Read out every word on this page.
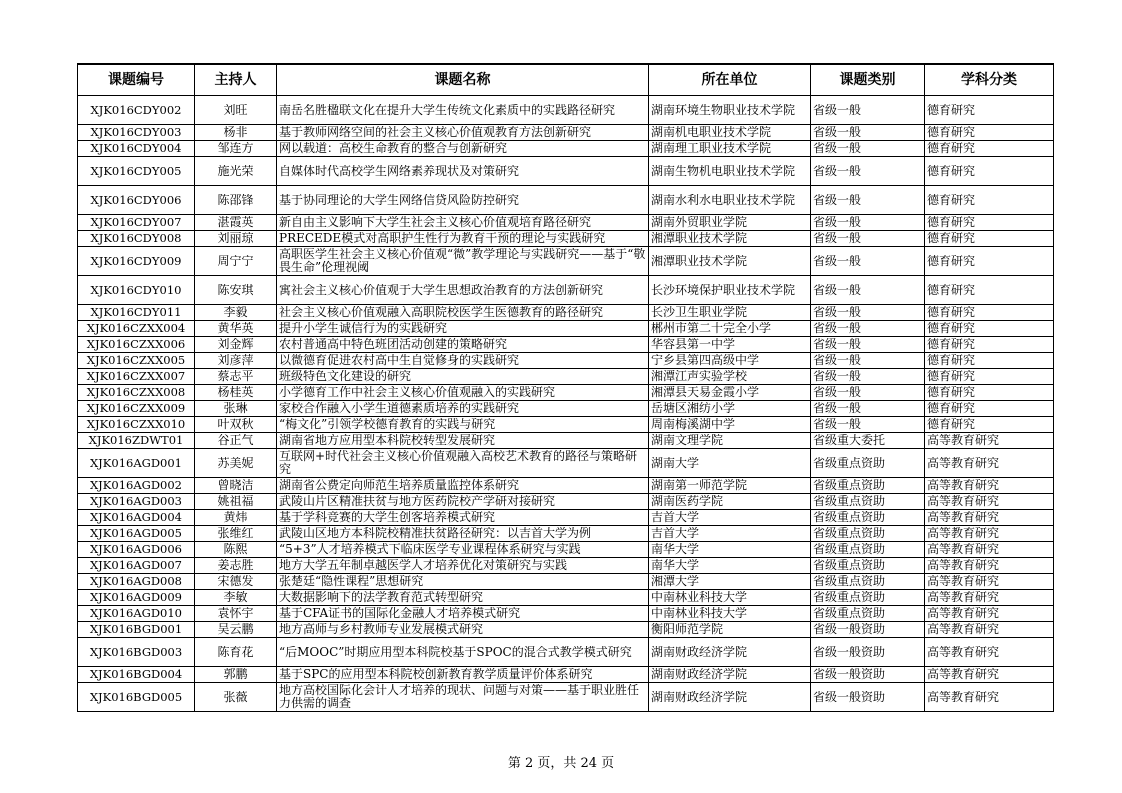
课题编号	主持人	课题名称	所在单位	课题类别	学科分类

XJK016CDY002	刘旺	南岳名胜楹联文化在提升大学生传统文化素质中的实践路径研究	湖南环境生物职业技术学院	省级一般	德育研究

XJK016CDY003	杨非	基于教师网络空间的社会主义核心价值观教育方法创新研究	湖南机电职业技术学院	省级一般	德育研究

XJK016CDY004	邹连方	网以载道：高校生命教育的整合与创新研究	湖南理工职业技术学院	省级一般	德育研究

XJK016CDY005	施光荣	自媒体时代高校学生网络素养现状及对策研究	湖南生物机电职业技术学院	省级一般	德育研究

XJK016CDY006	陈邵锋	基于协同理论的大学生网络信贷风险防控研究	湖南水利水电职业技术学院	省级一般	德育研究

XJK016CDY007	湛霞英	新自由主义影响下大学生社会主义核心价值观培育路径研究	湖南外贸职业学院	省级一般	德育研究

XJK016CDY008	刘丽琼	PRECEDE模式对高职护生性行为教育干预的理论与实践研究	湘潭职业技术学院	省级一般	德育研究

XJK016CDY009	周宁宁	高职医学生社会主义核心价值观“微”教学理论与实践研究——基于“敬畏生命”伦理视阈	湘潭职业技术学院	省级一般	德育研究

XJK016CDY010	陈安琪	寓社会主义核心价值观于大学生思想政治教育的方法创新研究	长沙环境保护职业技术学院	省级一般	德育研究

XJK016CDY011	李毅	社会主义核心价值观融入高职院校医学生医德教育的路径研究	长沙卫生职业学院	省级一般	德育研究

XJK016CZXX004	黄华英	提升小学生诚信行为的实践研究	郴州市第二十完全小学	省级一般	德育研究

XJK016CZXX006	刘金辉	农村普通高中特色班团活动创建的策略研究	华容县第一中学	省级一般	德育研究

XJK016CZXX005	刘彦萍	以微德育促进农村高中生自觉修身的实践研究	宁乡县第四高级中学	省级一般	德育研究

XJK016CZXX007	蔡志平	班级特色文化建设的研究	湘潭江声实验学校	省级一般	德育研究

XJK016CZXX008	杨桂英	小学德育工作中社会主义核心价值观融入的实践研究	湘潭县天易金霞小学	省级一般	德育研究

XJK016CZXX009	张琳	家校合作融入小学生道德素质培养的实践研究	岳塘区湘纺小学	省级一般	德育研究

XJK016CZXX010	叶双秋	“梅文化”引领学校德育教育的实践与研究	周南梅溪湖中学	省级一般	德育研究

XJK016ZDWT01	谷正气	湖南省地方应用型本科院校转型发展研究	湖南文理学院	省级重大委托	高等教育研究

XJK016AGD001	苏美妮	互联网+时代社会主义核心价值观融入高校艺术教育的路径与策略研究	湖南大学	省级重点资助	高等教育研究

XJK016AGD002	曾晓洁	湖南省公费定向师范生培养质量监控体系研究	湖南第一师范学院	省级重点资助	高等教育研究

XJK016AGD003	姚祖福	武陵山片区精准扶贫与地方医药院校产学研对接研究	湖南医药学院	省级重点资助	高等教育研究

XJK016AGD004	黄炜	基于学科竞赛的大学生创客培养模式研究	吉首大学	省级重点资助	高等教育研究

XJK016AGD005	张维红	武陵山区地方本科院校精准扶贫路径研究：以吉首大学为例	吉首大学	省级重点资助	高等教育研究

XJK016AGD006	陈熙	“5+3”人才培养模式下临床医学专业课程体系研究与实践	南华大学	省级重点资助	高等教育研究

XJK016AGD007	姜志胜	地方大学五年制卓越医学人才培养优化对策研究与实践	南华大学	省级重点资助	高等教育研究

XJK016AGD008	宋德发	张楚廷“隐性课程”思想研究	湘潭大学	省级重点资助	高等教育研究

XJK016AGD009	李敏	大数据影响下的法学教育范式转型研究	中南林业科技大学	省级重点资助	高等教育研究

XJK016AGD010	袁怀宇	基于CFA证书的国际化金融人才培养模式研究	中南林业科技大学	省级重点资助	高等教育研究

XJK016BGD001	吴云鹏	地方高师与乡村教师专业发展模式研究	衡阳师范学院	省级一般资助	高等教育研究

XJK016BGD003	陈育花	“后MOOC”时期应用型本科院校基于SPOC的混合式教学模式研究	湖南财政经济学院	省级一般资助	高等教育研究

XJK016BGD004	郭鹏	基于SPC的应用型本科院校创新教育教学质量评价体系研究	湖南财政经济学院	省级一般资助	高等教育研究

XJK016BGD005	张薇	地方高校国际化会计人才培养的现状、问题与对策——基于职业胜任力供需的调查	湖南财政经济学院	省级一般资助	高等教育研究
第 2 页，共 24 页
